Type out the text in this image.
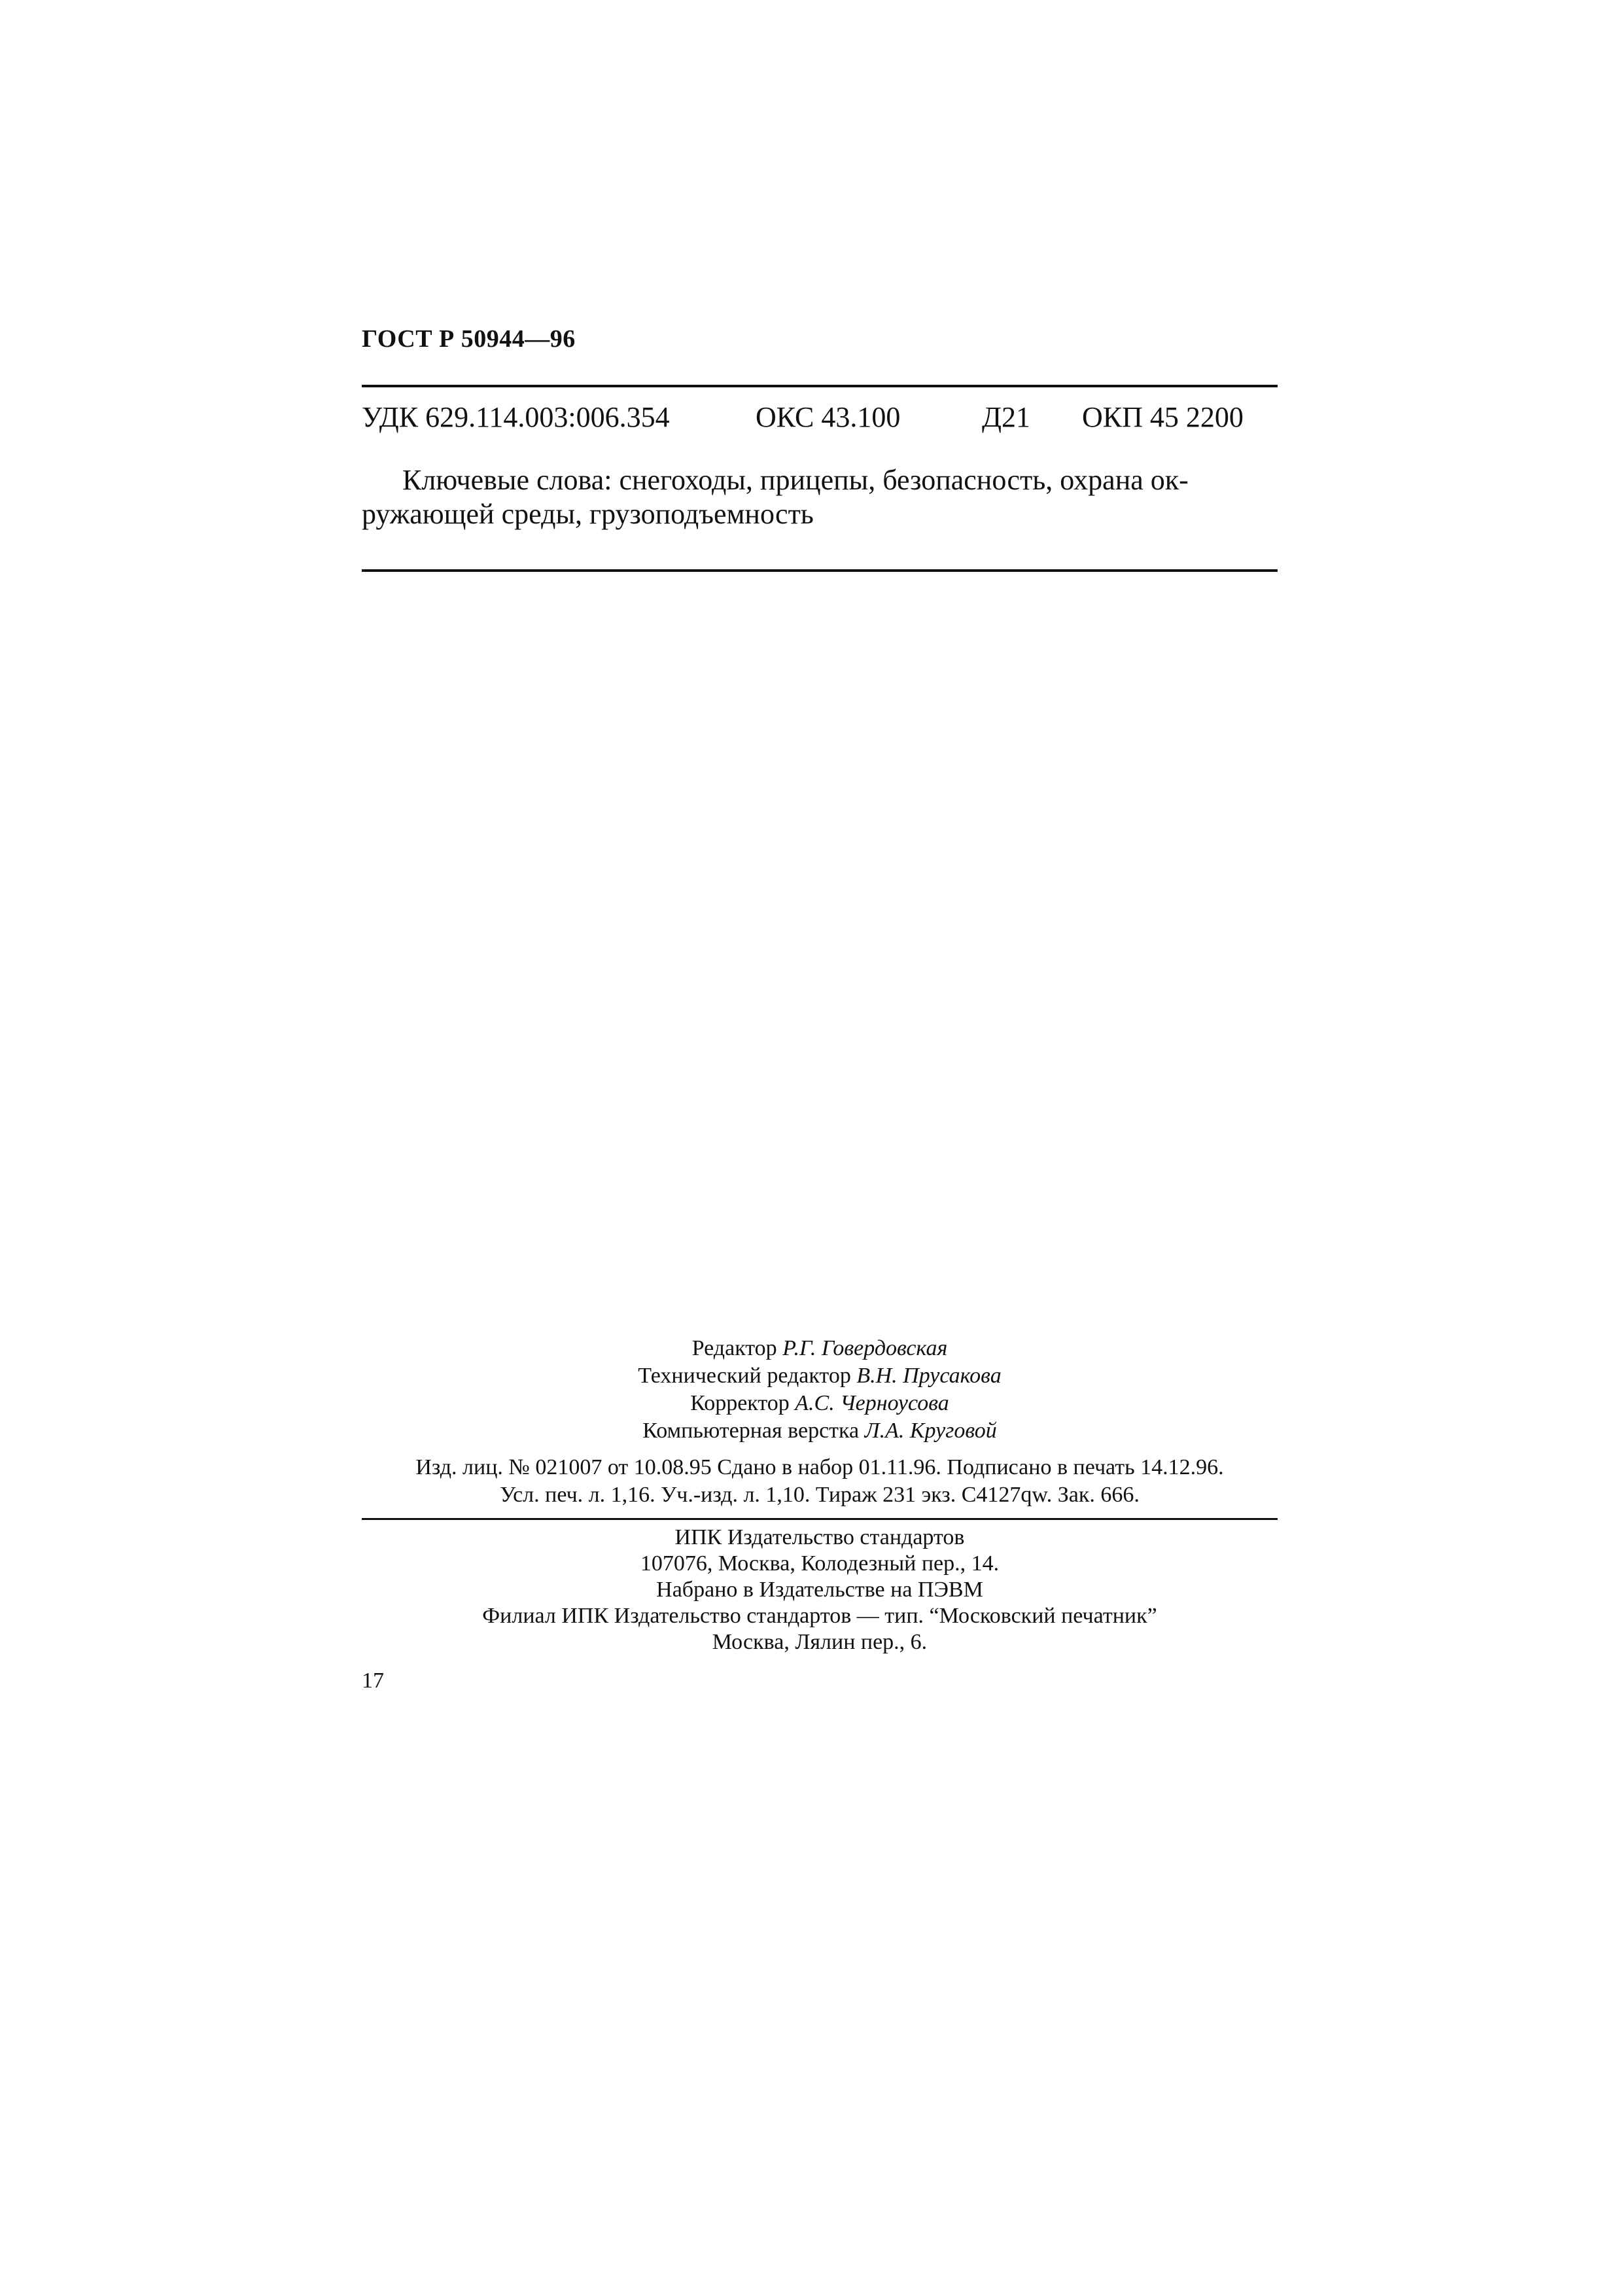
ГОСТ Р 50944—96
УДК 629.114.003:006.354	ОКС 43.100	Д21 ОКП 45 2200
Ключевые слова: снегоходы, прицепы, безопасность, охрана ок-
ружающей среды, грузоподъемность
Редактор Р.Г. Говердовская
Технический редактор В.Н. Прусакова
Корректор А.С. Черноусова
Компьютерная верстка Л.А. Круговой
Изд. лиц. № 021007 от 10.08.95 Сдано в набор 01.11.96. Подписано в печать 14.12.96.
Усл. печ. л. 1,16. Уч.-изд. л. 1,10. Тираж 231 экз. С4127qw. Зак. 666.
ИПК Издательство стандартов
107076, Москва, Колодезный пер., 14.
Набрано в Издательстве на ПЭВМ
Филиал ИПК Издательство стандартов — тип. “Московский печатник”
Москва, Лялин пер., 6.
17
